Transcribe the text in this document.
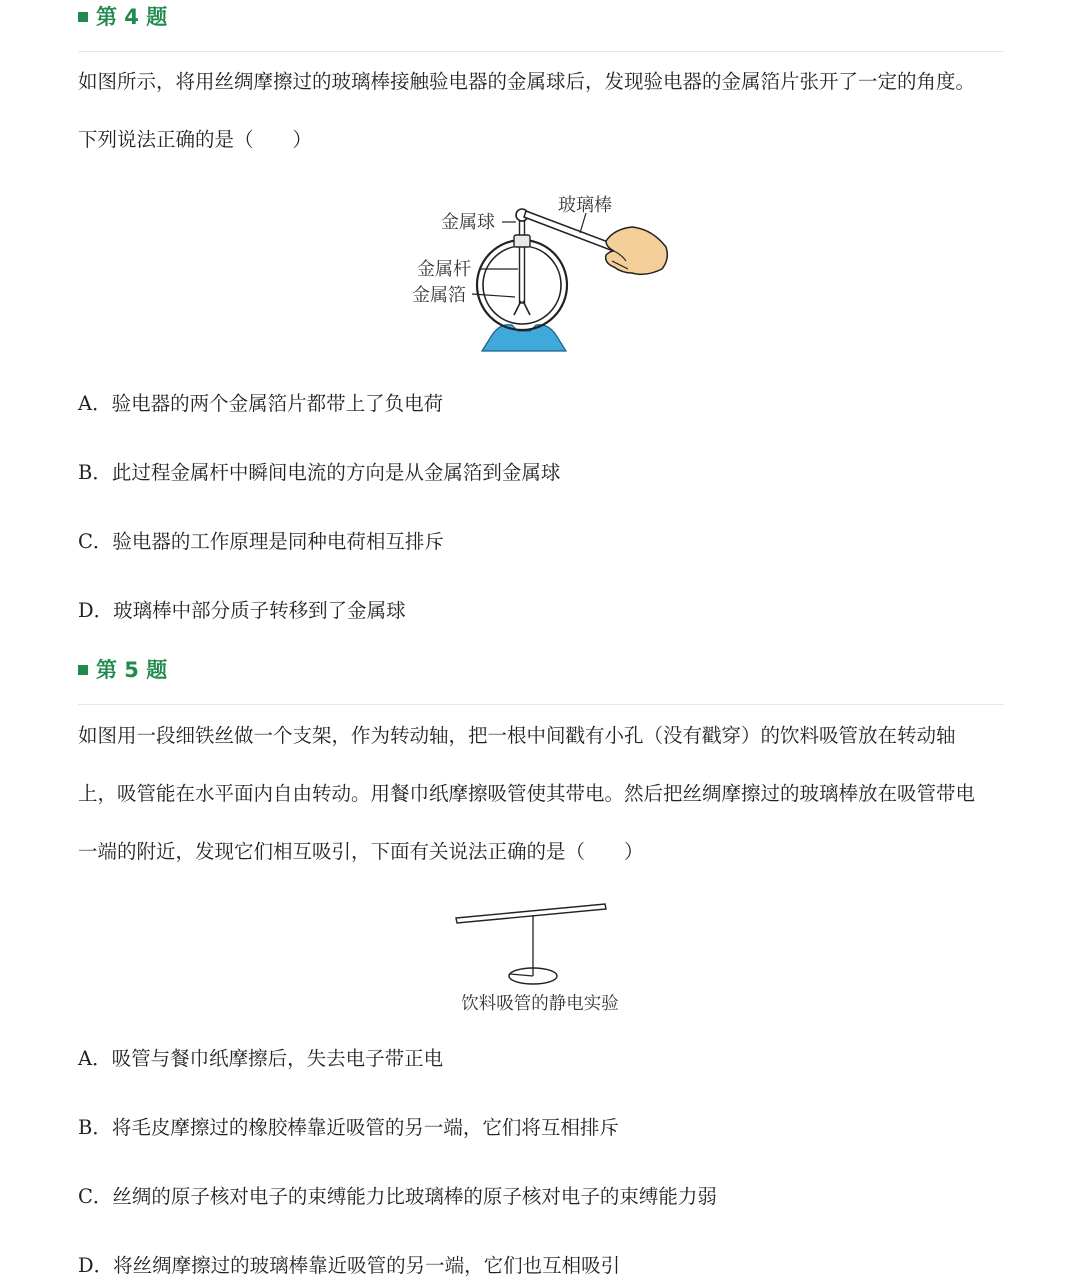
第 4 题
如图所示，将用丝绸摩擦过的玻璃棒接触验电器的金属球后，发现验电器的金属箔片张开了一定的角度。
下列说法正确的是（　　）
玻璃棒
金属球
金属杆
金属箔
A．验电器的两个金属箔片都带上了负电荷
B．此过程金属杆中瞬间电流的方向是从金属箔到金属球
C．验电器的工作原理是同种电荷相互排斥
D．玻璃棒中部分质子转移到了金属球
第 5 题
如图用一段细铁丝做一个支架，作为转动轴，把一根中间戳有小孔（没有戳穿）的饮料吸管放在转动轴
上，吸管能在水平面内自由转动。用餐巾纸摩擦吸管使其带电。然后把丝绸摩擦过的玻璃棒放在吸管带电
一端的附近，发现它们相互吸引，下面有关说法正确的是（　　）
饮料吸管的静电实验
A．吸管与餐巾纸摩擦后，失去电子带正电
B．将毛皮摩擦过的橡胶棒靠近吸管的另一端，它们将互相排斥
C．丝绸的原子核对电子的束缚能力比玻璃棒的原子核对电子的束缚能力弱
D．将丝绸摩擦过的玻璃棒靠近吸管的另一端，它们也互相吸引
